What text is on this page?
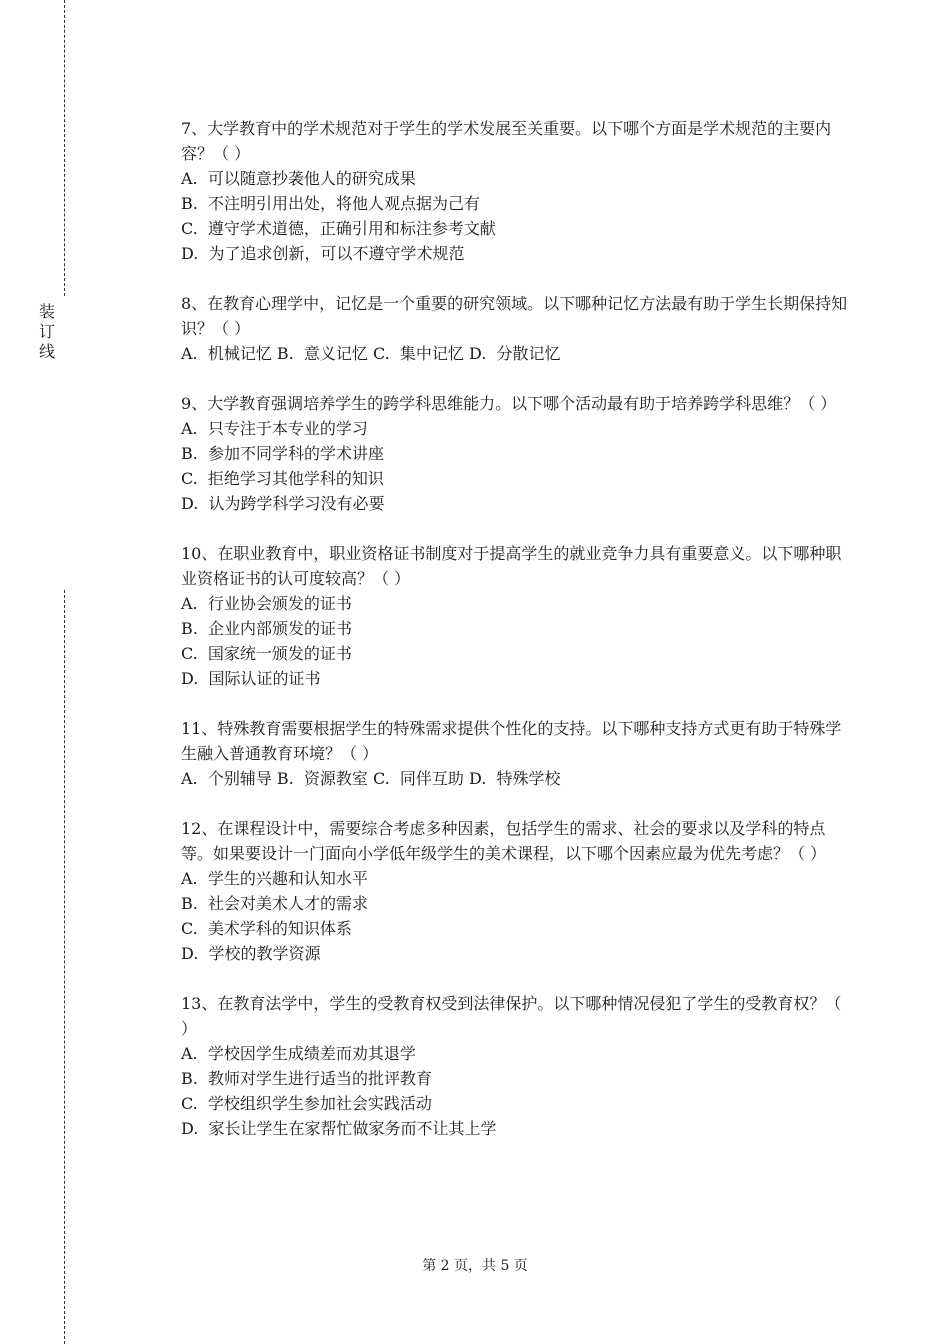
装
订
线

7、大学教育中的学术规范对于学生的学术发展至关重要。以下哪个方面是学术规范的主要内容？（ ）

A.  可以随意抄袭他人的研究成果

B.  不注明引用出处，将他人观点据为己有

C.  遵守学术道德，正确引用和标注参考文献

D.  为了追求创新，可以不遵守学术规范

8、在教育心理学中，记忆是一个重要的研究领域。以下哪种记忆方法最有助于学生长期保持知识？（ ）

A.  机械记忆 B.  意义记忆 C.  集中记忆 D.  分散记忆

9、大学教育强调培养学生的跨学科思维能力。以下哪个活动最有助于培养跨学科思维？（ ）

A.  只专注于本专业的学习

B.  参加不同学科的学术讲座

C.  拒绝学习其他学科的知识

D.  认为跨学科学习没有必要

10、在职业教育中，职业资格证书制度对于提高学生的就业竞争力具有重要意义。以下哪种职业资格证书的认可度较高？（ ）

A.  行业协会颁发的证书

B.  企业内部颁发的证书

C.  国家统一颁发的证书

D.  国际认证的证书

11、特殊教育需要根据学生的特殊需求提供个性化的支持。以下哪种支持方式更有助于特殊学生融入普通教育环境？（ ）

A.  个别辅导 B.  资源教室 C.  同伴互助 D.  特殊学校

12、在课程设计中，需要综合考虑多种因素，包括学生的需求、社会的要求以及学科的特点等。如果要设计一门面向小学低年级学生的美术课程，以下哪个因素应最为优先考虑？（ ）

A.  学生的兴趣和认知水平

B.  社会对美术人才的需求

C.  美术学科的知识体系

D.  学校的教学资源

13、在教育法学中，学生的受教育权受到法律保护。以下哪种情况侵犯了学生的受教育权？（ ）

A.  学校因学生成绩差而劝其退学

B.  教师对学生进行适当的批评教育

C.  学校组织学生参加社会实践活动

D.  家长让学生在家帮忙做家务而不让其上学

第 2 页，共 5 页
